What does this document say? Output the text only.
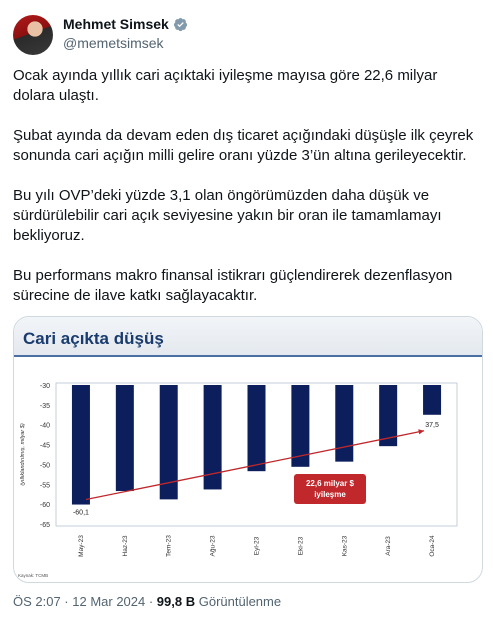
Mehmet Simsek
@memetsimsek

Ocak ayında yıllık cari açıktaki iyileşme mayısa göre 22,6 milyar dolara ulaştı.

Şubat ayında da devam eden dış ticaret açığındaki düşüşle ilk çeyrek sonunda cari açığın milli gelire oranı yüzde 3’ün altına gerileyecektir.

Bu yılı OVP’deki yüzde 3,1 olan öngörümüzden daha düşük ve sürdürülebilir cari açık seviyesine yakın bir oran ile tamamlamayı bekliyoruz.

Bu performans makro finansal istikrarı güçlendirerek dezenflasyon sürecine de ilave katkı sağlayacaktır.

Cari açıkta düşüş
-30
-35
-40
-45
-50
-55
-60
-65
(yıllıklandırılmış, milyar $)
May-23	Haz-23	Tem-23	Ağu-23	Eyl-23	Eki-23	Kas-23	Ara-23	Oca-24
-60,1
37,5
22,6 milyar $
iyileşme
Kaynak: TCMB
ÖS 2:07 · 12 Mar 2024 · 99,8 B Görüntülenme
